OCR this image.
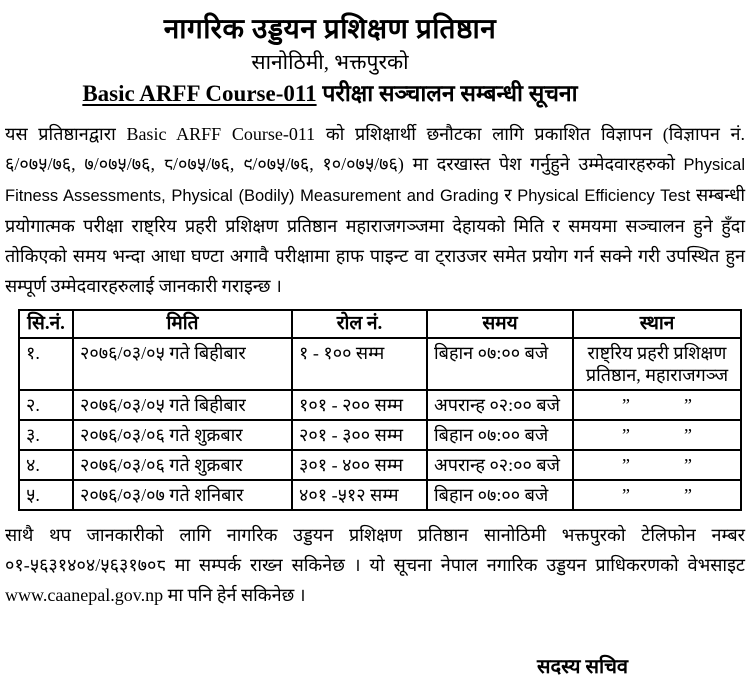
नागरिक उड्डयन प्रशिक्षण प्रतिष्ठान
सानोठिमी, भक्तपुरको
Basic ARFF Course-011 परीक्षा सञ्चालन सम्बन्धी सूचना

यस प्रतिष्ठानद्वारा Basic ARFF Course-011 को प्रशिक्षार्थी छनौटका लागि प्रकाशित विज्ञापन (विज्ञापन नं. ६/०७५/७६, ७/०७५/७६, ८/०७५/७६, ९/०७५/७६, १०/०७५/७६) मा दरखास्त पेश गर्नुहुने उम्मेदवारहरुको Physical Fitness Assessments, Physical (Bodily) Measurement and Grading र Physical Efficiency Test सम्बन्धी प्रयोगात्मक परीक्षा राष्ट्रिय प्रहरी प्रशिक्षण प्रतिष्ठान महाराजगञ्जमा देहायको मिति र समयमा सञ्चालन हुने हुँदा तोकिएको समय भन्दा आधा घण्टा अगावै परीक्षामा हाफ पाइन्ट वा ट्राउजर समेत प्रयोग गर्न सक्ने गरी उपस्थित हुन सम्पूर्ण उम्मेदवारहरुलाई जानकारी गराइन्छ ।

सि.नं.	मिति	रोल नं.	समय	स्थान
१.	२०७६/०३/०५ गते बिहीबार	१ - १०० सम्म	बिहान ०७:०० बजे	राष्ट्रिय प्रहरी प्रशिक्षण प्रतिष्ठान, महाराजगञ्ज
२.	२०७६/०३/०५ गते बिहीबार	१०१ - २०० सम्म	अपरान्ह ०२:०० बजे	”            ”
३.	२०७६/०३/०६ गते शुक्रबार	२०१ - ३०० सम्म	बिहान ०७:०० बजे	”            ”
४.	२०७६/०३/०६ गते शुक्रबार	३०१ - ४०० सम्म	अपरान्ह ०२:०० बजे	”            ”
५.	२०७६/०३/०७ गते शनिबार	४०१ -५१२ सम्म	बिहान ०७:०० बजे	”            ”

साथै थप जानकारीको लागि नागरिक उड्डयन प्रशिक्षण प्रतिष्ठान सानोठिमी भक्तपुरको टेलिफोन नम्बर ०१-५६३१४०४/५६३१७०८ मा सम्पर्क राख्न सकिनेछ । यो सूचना नेपाल नगारिक उड्डयन प्राधिकरणको वेभसाइट www.caanepal.gov.np मा पनि हेर्न सकिनेछ ।

सदस्य सचिव
